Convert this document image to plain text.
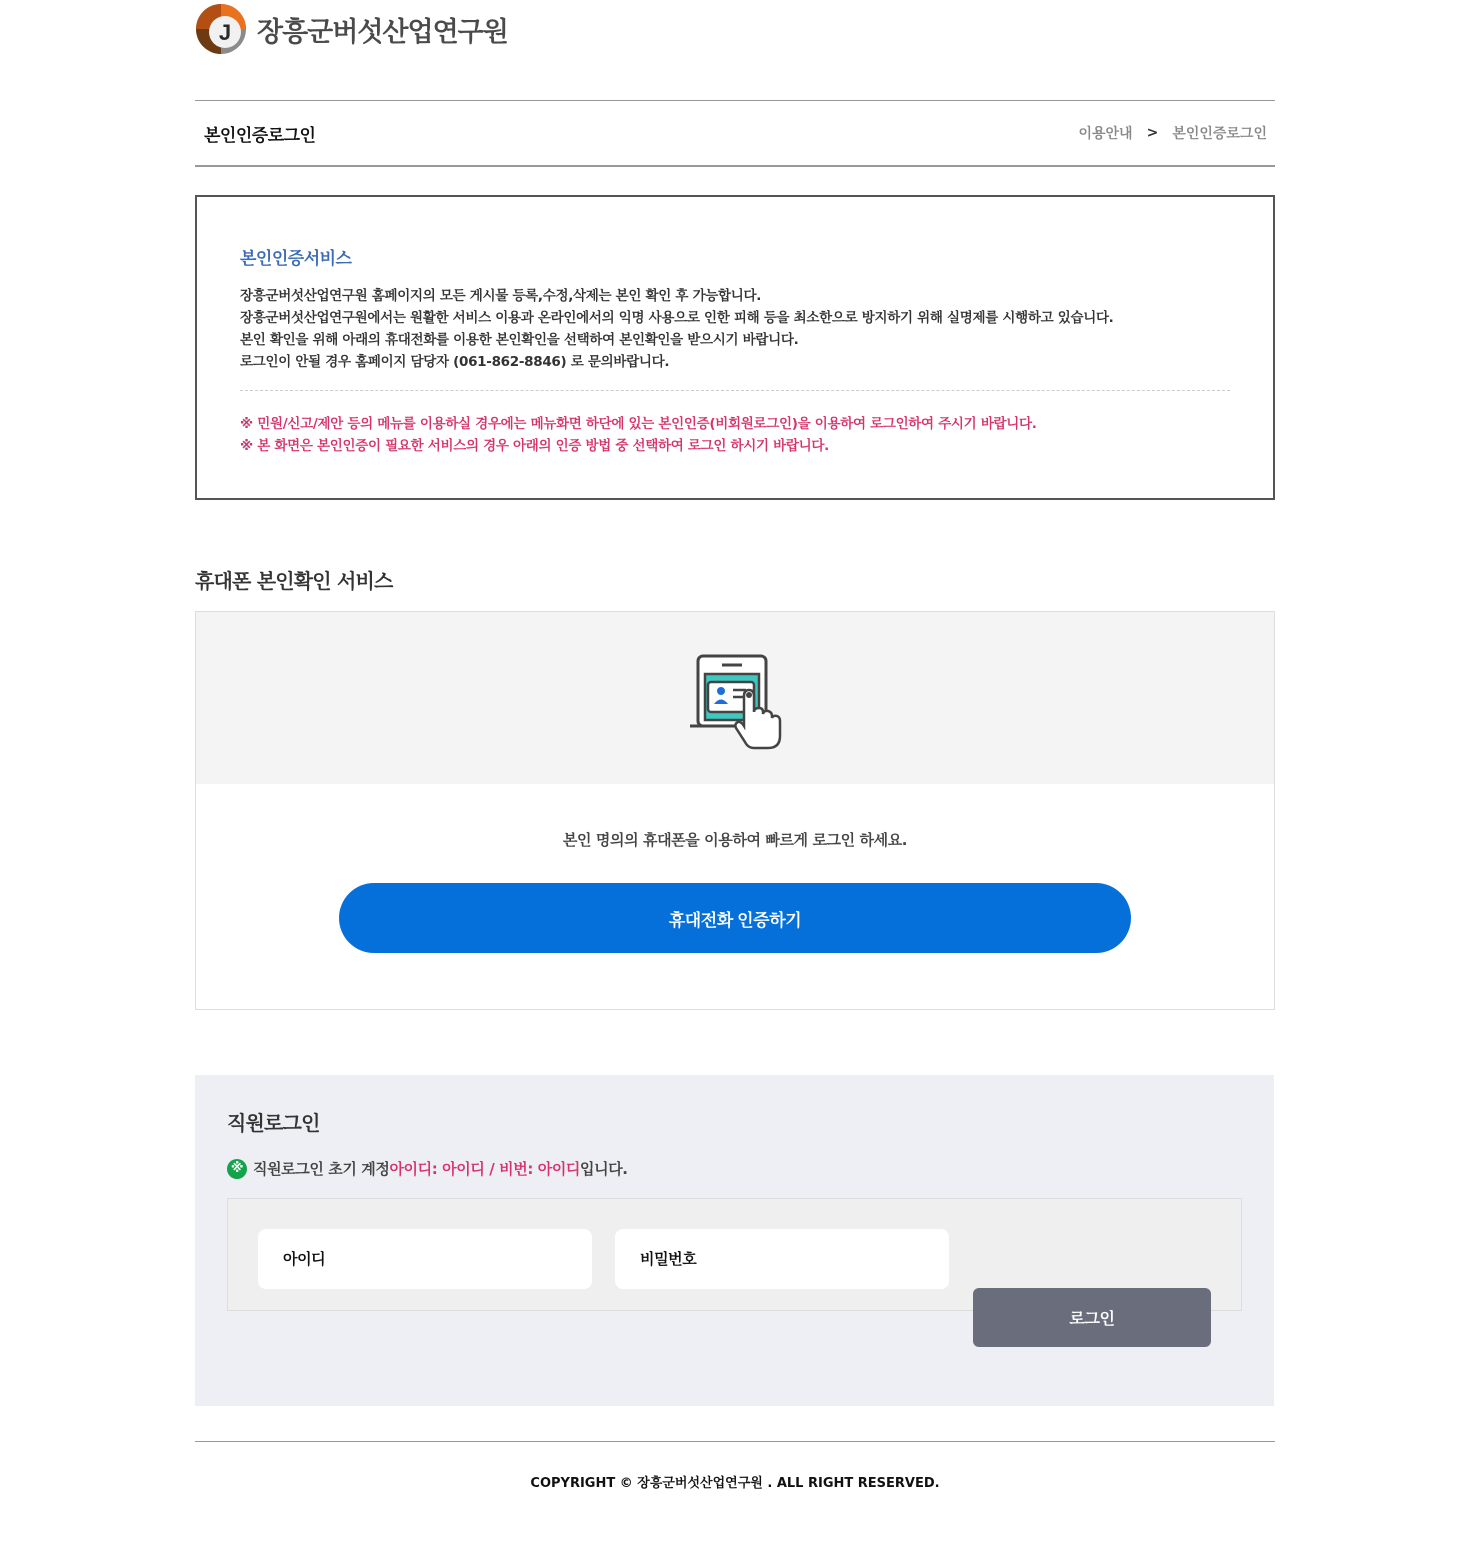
J 장흥군버섯산업연구원
본인인증로그인	이용안내 > 본인인증로그인
본인인증서비스

장흥군버섯산업연구원 홈페이지의 모든 게시물 등록,수정,삭제는 본인 확인 후 가능합니다.

장흥군버섯산업연구원에서는 원활한 서비스 이용과 온라인에서의 익명 사용으로 인한 피해 등을 최소한으로 방지하기 위해 실명제를 시행하고 있습니다.

본인 확인을 위해 아래의 휴대전화를 이용한 본인확인을 선택하여 본인확인을 받으시기 바랍니다.

로그인이 안될 경우 홈페이지 담당자 (061-862-8846) 로 문의바랍니다.

※ 민원/신고/제안 등의 메뉴를 이용하실 경우에는 메뉴화면 하단에 있는 본인인증(비회원로그인)을 이용하여 로그인하여 주시기 바랍니다.

※ 본 화면은 본인인증이 필요한 서비스의 경우 아래의 인증 방법 중 선택하여 로그인 하시기 바랍니다.

휴대폰 본인확인 서비스

본인 명의의 휴대폰을 이용하여 빠르게 로그인 하세요.

휴대전화 인증하기
직원로그인
※ 직원로그인 초기 계정 아이디: 아이디 / 비번: 아이디 입니다.
아이디
로그인

COPYRIGHT © 장흥군버섯산업연구원 . ALL RIGHT RESERVED.
